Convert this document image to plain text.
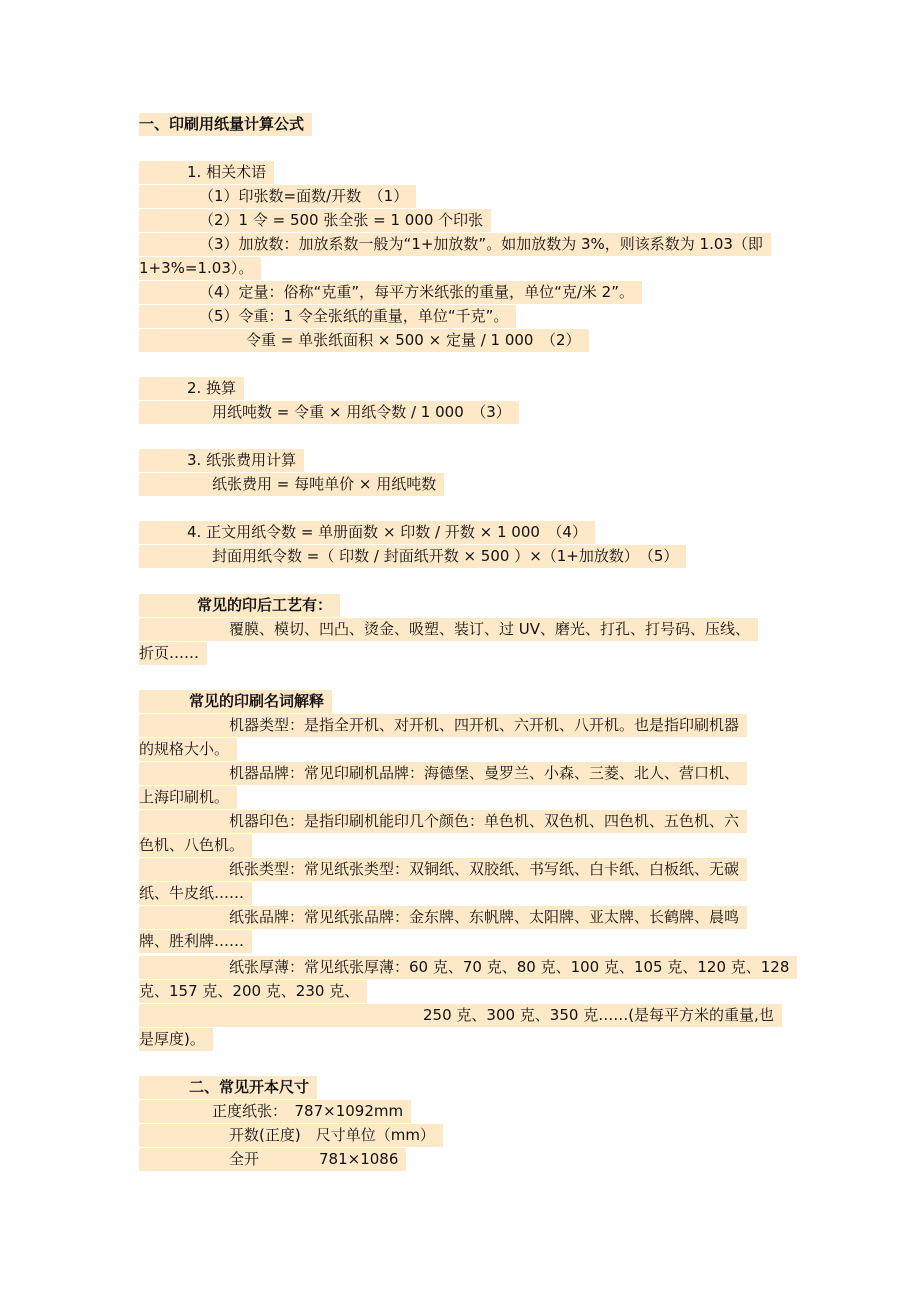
一、印刷用纸量计算公式
1. 相关术语
（1）印张数=面数/开数　（1）
（2）1 令 = 500 张全张 = 1 000 个印张
（3）加放数：加放系数一般为“1+加放数”。如加放数为 3%，则该系数为 1.03（即
1+3%=1.03）。
（4）定量：俗称“克重”，每平方米纸张的重量，单位“克/米 2”。
（5）令重：1 令全张纸的重量，单位“千克”。
令重 = 单张纸面积 × 500 × 定量 / 1 000　（2）
2. 换算
用纸吨数 = 令重 × 用纸令数 / 1 000　（3）
3. 纸张费用计算
纸张费用 = 每吨单价 × 用纸吨数
4. 正文用纸令数 = 单册面数 × 印数 / 开数 × 1 000　（4）
封面用纸令数 =（ 印数 / 封面纸开数 × 500 ）×（1+加放数）　（5）
常见的印后工艺有：
覆膜、模切、凹凸、烫金、吸塑、装订、过 UV、磨光、打孔、打号码、压线、
折页……
常见的印刷名词解释
机器类型：是指全开机、对开机、四开机、六开机、八开机。也是指印刷机器
的规格大小。
机器品牌：常见印刷机品牌：海德堡、曼罗兰、小森、三菱、北人、营口机、
上海印刷机。
机器印色：是指印刷机能印几个颜色：单色机、双色机、四色机、五色机、六
色机、八色机。
纸张类型：常见纸张类型：双铜纸、双胶纸、书写纸、白卡纸、白板纸、无碳
纸、牛皮纸……
纸张品牌：常见纸张品牌：金东牌、东帆牌、太阳牌、亚太牌、长鹤牌、晨鸣
牌、胜利牌……
纸张厚薄：常见纸张厚薄：60 克、70 克、80 克、100 克、105 克、120 克、128
克、157 克、200 克、230 克、
250 克、300 克、350 克……(是每平方米的重量,也
是厚度)。
二、常见开本尺寸
正度纸张：　787×1092mm
开数(正度)　尺寸单位（mm）
全开　　　　781×1086
